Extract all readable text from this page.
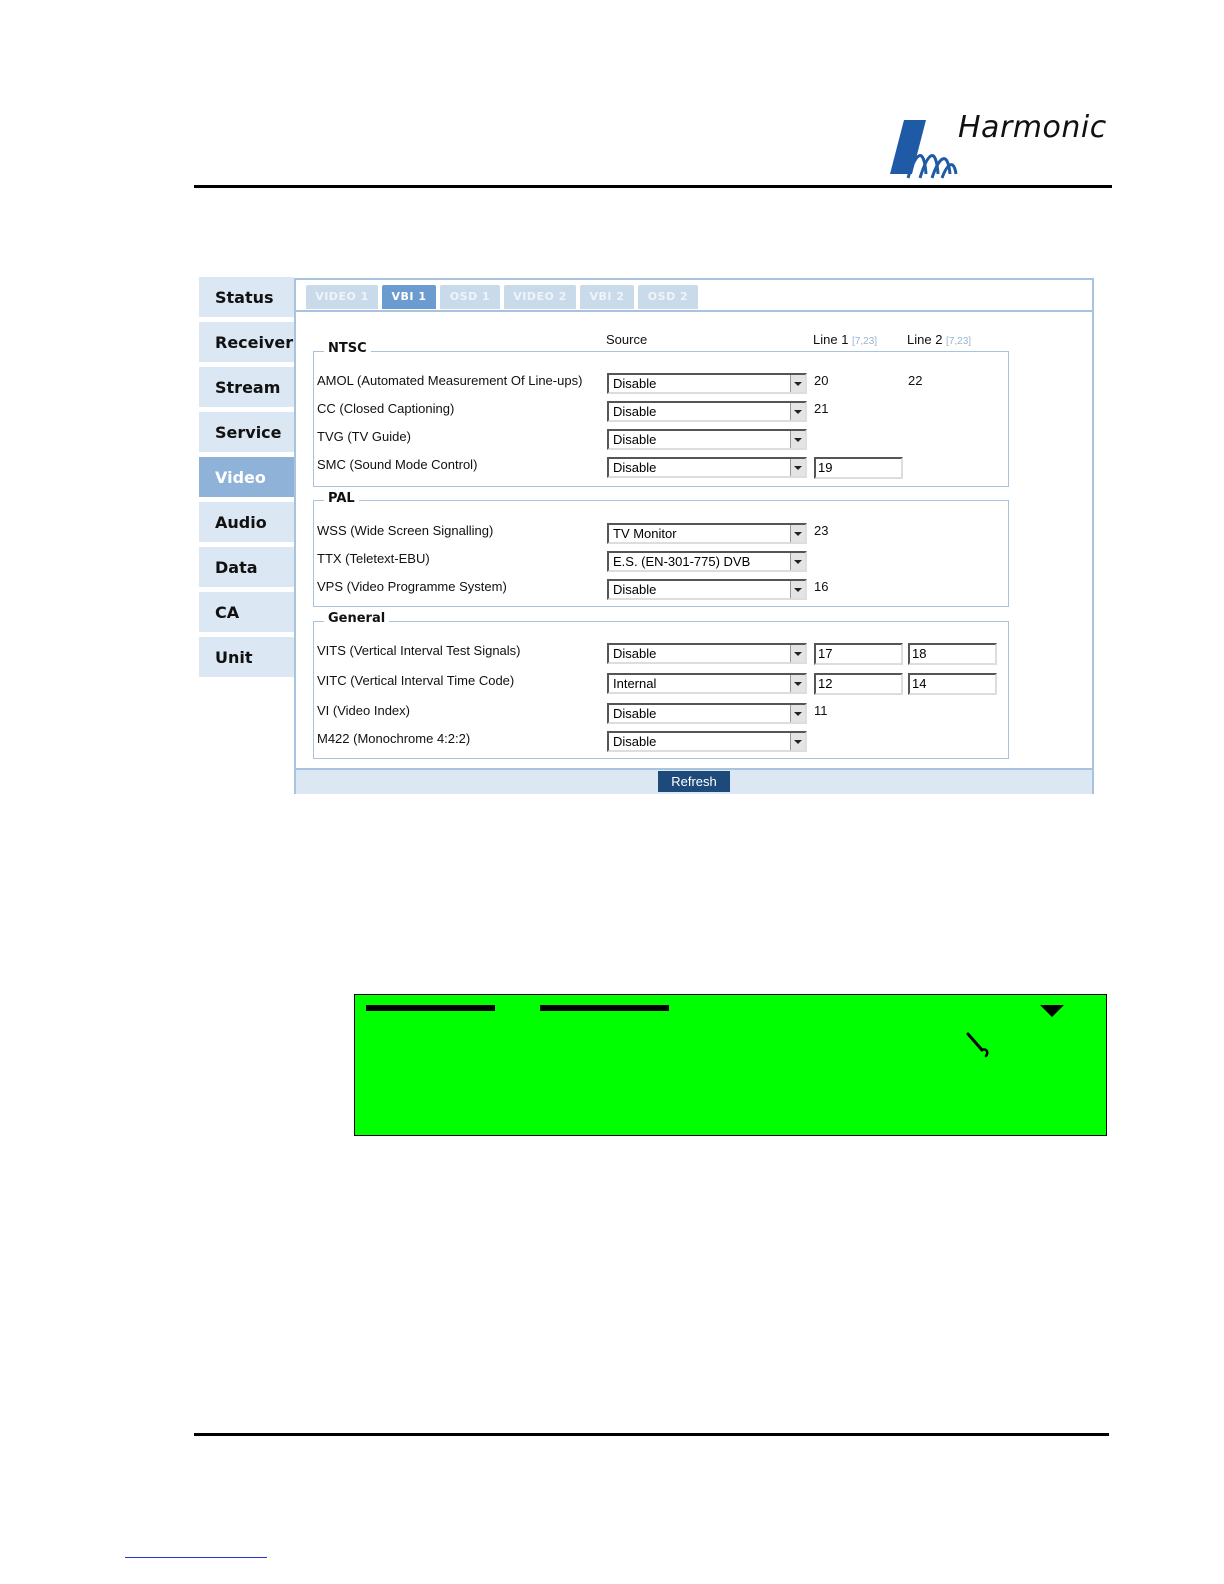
Harmonic
Status
Receiver
Stream
Service
Video
Audio
Data
CA
Unit
VIDEO 1	VBI 1	OSD 1	VIDEO 2	VBI 2	OSD 2
Source	Line 1 [7,23] Line 2 [7,23]
NTSC
AMOL (Automated Measurement Of Line-ups)	Disable	20	22
CC (Closed Captioning)	Disable	21
TVG (TV Guide)	Disable
SMC (Sound Mode Control)	Disable	19
PAL
WSS (Wide Screen Signalling)	TV Monitor	23
TTX (Teletext-EBU)	E.S. (EN-301-775) DVB
VPS (Video Programme System)	Disable	16
General
VITS (Vertical Interval Test Signals)	Disable	17	18
VITC (Vertical Interval Time Code)	Internal	12	14
VI (Video Index)	Disable	11
M422 (Monochrome 4:2:2)	Disable
Refresh
